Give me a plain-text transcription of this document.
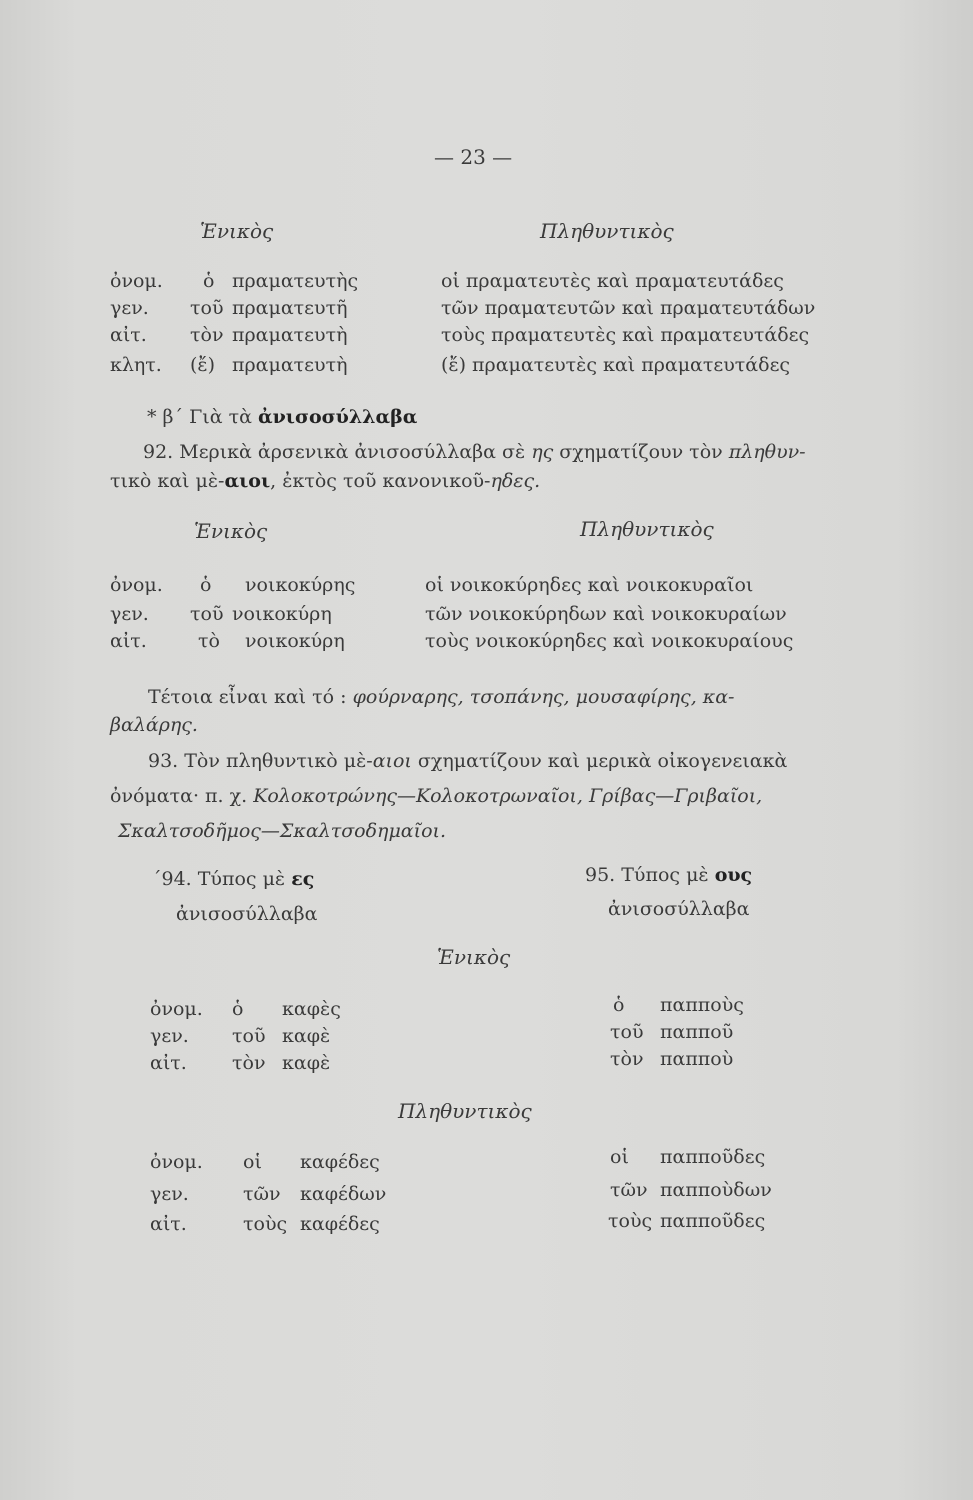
— 23 —
Ἑνικὸς	Πληθυντικὸς
ὀνομ. ὁ πραματευτὴς	οἱ πραματευτὲς καὶ πραματευτάδες
γεν. τοῦ πραματευτῆ	τῶν πραματευτῶν καὶ πραματευτάδων
αἰτ. τὸν πραματευτὴ	τοὺς πραματευτὲς καὶ πραματευτάδες
κλητ. (ἔ) πραματευτὴ	(ἔ) πραματευτὲς καὶ πραματευτάδες
* β΄ Γιὰ τὰ ἀνισοσύλλαβα
92. Μερικὰ ἀρσενικὰ ἀνισοσύλλαβα σὲ ης σχηματίζουν τὸν πληθυν-
τικὸ καὶ μὲ-αιοι, ἐκτὸς τοῦ κανονικοῦ-ηδες.
Ἑνικὸς	Πληθυντικὸς
ὀνομ. ὁ νοικοκύρης	οἱ νοικοκύρηδες καὶ νοικοκυραῖοι
γεν. τοῦ νοικοκύρη	τῶν νοικοκύρηδων καὶ νοικοκυραίων
αἰτ.	τὸ νοικοκύρη	τοὺς νοικοκύρηδες καὶ νοικοκυραίους
Τέτοια εἶναι καὶ τό : φούρναρης, τσοπάνης, μουσαφίρης, κα-
βαλάρης.
93. Τὸν πληθυντικὸ μὲ-αιοι σχηματίζουν καὶ μερικὰ οἰκογενειακὰ
ὀνόματα· π. χ. Κολοκοτρώνης—Κολοκοτρωναῖοι, Γρίβας—Γριβαῖοι,
Σκαλτσοδῆμος—Σκαλτσοδημαῖοι.
΄94. Τύπος μὲ ες
ἀνισοσύλλαβα
95. Τύπος μὲ ους
ἀνισοσύλλαβα
Ἑνικὸς
ὀνομ. ὁ καφὲς	ὁ παπποὺς
γεν. τοῦ καφὲ	τοῦ παπποῦ
αἰτ. τὸν καφὲ	τὸν παπποὺ
Πληθυντικὸς
ὀνομ. οἱ καφέδες	οἱ παπποῦδες
γεν.	τῶν καφέδων	τῶν παπποὺδων
αἰτ.	τοὺς καφέδες	τοὺς παπποῦδες
